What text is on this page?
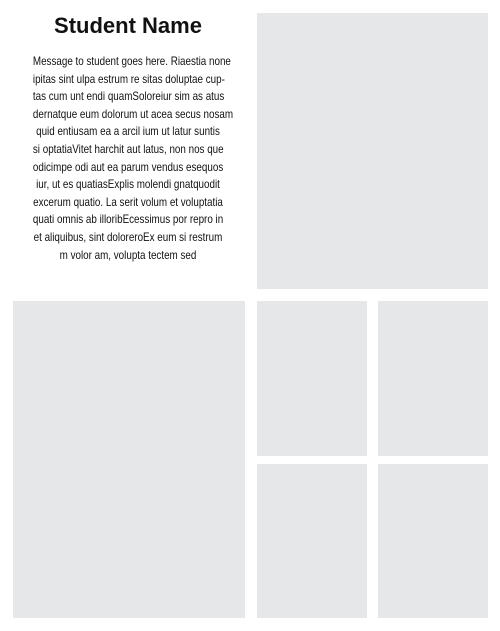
Student Name

Message to student goes here. Riaestia none
ipitas sint ulpa estrum re sitas doluptae cup-
tas cum unt endi quamSoloreiur sim as atus
dernatque eum dolorum ut acea secus nosam
quid entiusam ea a arcil ium ut latur suntis
si optatiaVitet harchit aut latus, non nos que
odicimpe odi aut ea parum vendus esequos
iur, ut es quatiasExplis molendi gnatquodit
excerum quatio. La serit volum et voluptatia
quati omnis ab illoribEcessimus por repro in
et aliquibus, sint doloreroEx eum si restrum
m volor am, volupta tectem sed
